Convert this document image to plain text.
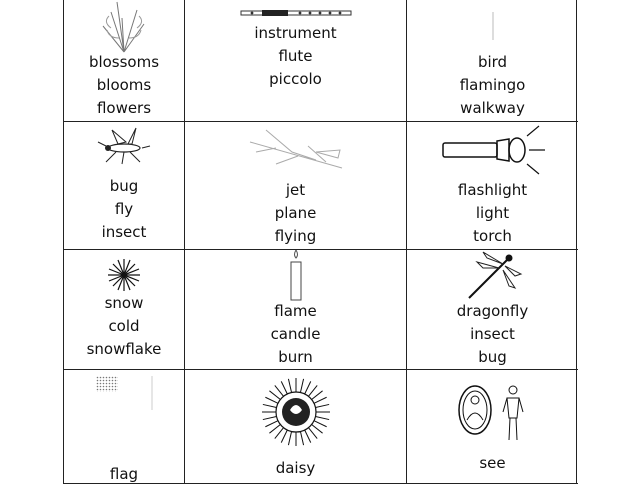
blossoms
blooms
flowers
instrument
flute
piccolo
bird
flamingo
walkway
bug
fly
insect
jet
plane
flying
flashlight
light
torch
snow
cold
snowflake
flame
candle
burn
dragonfly
insect
bug
flag	daisy	see
